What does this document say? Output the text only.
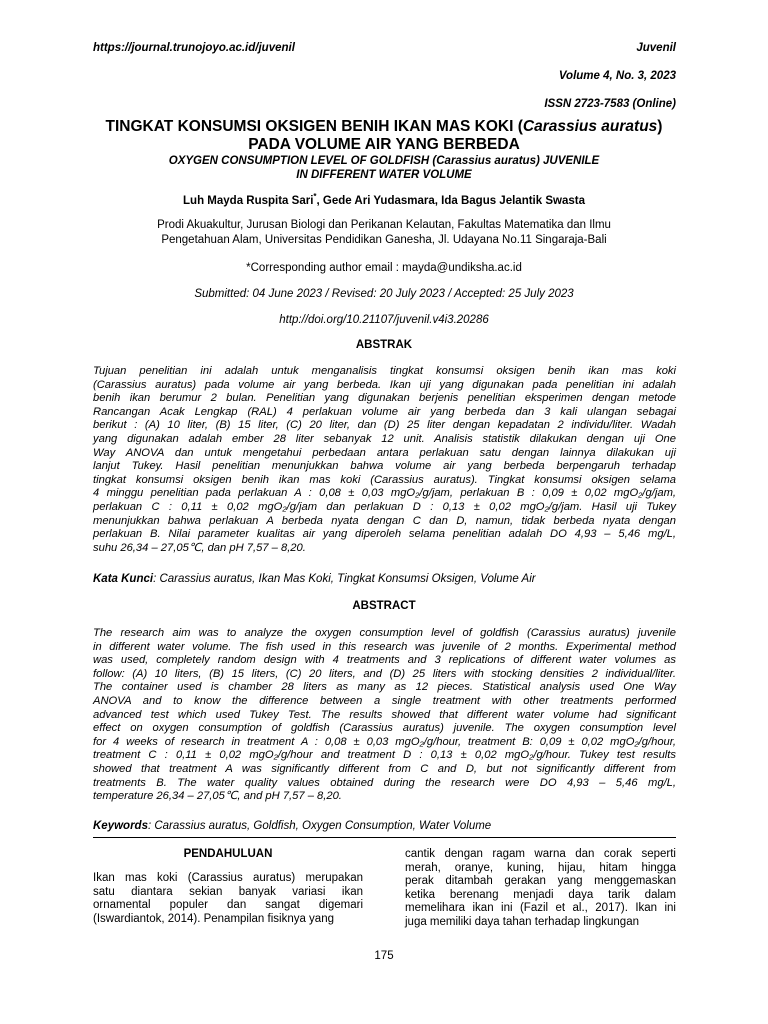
https://journal.trunojoyo.ac.id/juvenil	Juvenil
Volume 4, No. 3, 2023
ISSN 2723-7583 (Online)
TINGKAT KONSUMSI OKSIGEN BENIH IKAN MAS KOKI (Carassius auratus)
PADA VOLUME AIR YANG BERBEDA
OXYGEN CONSUMPTION LEVEL OF GOLDFISH (Carassius auratus) JUVENILE
IN DIFFERENT WATER VOLUME
Luh Mayda Ruspita Sari*, Gede Ari Yudasmara, Ida Bagus Jelantik Swasta
Prodi Akuakultur, Jurusan Biologi dan Perikanan Kelautan, Fakultas Matematika dan Ilmu
Pengetahuan Alam, Universitas Pendidikan Ganesha, Jl. Udayana No.11 Singaraja-Bali
*Corresponding author email : mayda@undiksha.ac.id
Submitted: 04 June 2023 / Revised: 20 July 2023 / Accepted: 25 July 2023
http://doi.org/10.21107/juvenil.v4i3.20286
ABSTRAK
Tujuan penelitian ini adalah untuk menganalisis tingkat konsumsi oksigen benih ikan mas koki
(Carassius auratus) pada volume air yang berbeda. Ikan uji yang digunakan pada penelitian ini adalah
benih ikan berumur 2 bulan. Penelitian yang digunakan berjenis penelitian eksperimen dengan metode
Rancangan Acak Lengkap (RAL) 4 perlakuan volume air yang berbeda dan 3 kali ulangan sebagai
berikut : (A) 10 liter, (B) 15 liter, (C) 20 liter, dan (D) 25 liter dengan kepadatan 2 individu/liter. Wadah
yang digunakan adalah ember 28 liter sebanyak 12 unit. Analisis statistik dilakukan dengan uji One
Way ANOVA dan untuk mengetahui perbedaan antara perlakuan satu dengan lainnya dilakukan uji
lanjut Tukey. Hasil penelitian menunjukkan bahwa volume air yang berbeda berpengaruh terhadap
tingkat konsumsi oksigen benih ikan mas koki (Carassius auratus). Tingkat konsumsi oksigen selama
4 minggu penelitian pada perlakuan A : 0,08 ± 0,03 mgO₂/g/jam, perlakuan B : 0,09 ± 0,02 mgO₂/g/jam,
perlakuan C : 0,11 ± 0,02 mgO₂/g/jam dan perlakuan D : 0,13 ± 0,02 mgO₂/g/jam. Hasil uji Tukey
menunjukkan bahwa perlakuan A berbeda nyata dengan C dan D, namun, tidak berbeda nyata dengan
perlakuan B. Nilai parameter kualitas air yang diperoleh selama penelitian adalah DO 4,93 – 5,46 mg/L,
suhu 26,34 – 27,05℃, dan pH 7,57 – 8,20.
Kata Kunci: Carassius auratus, Ikan Mas Koki, Tingkat Konsumsi Oksigen, Volume Air
ABSTRACT
The research aim was to analyze the oxygen consumption level of goldfish (Carassius auratus) juvenile
in different water volume. The fish used in this research was juvenile of 2 months. Experimental method
was used, completely random design with 4 treatments and 3 replications of different water volumes as
follow: (A) 10 liters, (B) 15 liters, (C) 20 liters, and (D) 25 liters with stocking densities 2 individual/liter.
The container used is chamber 28 liters as many as 12 pieces. Statistical analysis used One Way
ANOVA and to know the difference between a single treatment with other treatments performed
advanced test which used Tukey Test. The results showed that different water volume had significant
effect on oxygen consumption of goldfish (Carassius auratus) juvenile. The oxygen consumption level
for 4 weeks of research in treatment A : 0,08 ± 0,03 mgO₂/g/hour, treatment B: 0,09 ± 0,02 mgO₂/g/hour,
treatment C : 0,11 ± 0,02 mgO₂/g/hour and treatment D : 0,13 ± 0,02 mgO₂/g/hour. Tukey test results
showed that treatment A was significantly different from C and D, but not significantly different from
treatments B. The water quality values obtained during the research were DO 4,93 – 5,46 mg/L,
temperature 26,34 – 27,05℃, and pH 7,57 – 8,20.
Keywords: Carassius auratus, Goldfish, Oxygen Consumption, Water Volume
PENDAHULUAN
Ikan mas koki (Carassius auratus) merupakan
satu diantara sekian banyak variasi ikan
ornamental populer dan sangat digemari
(Iswardiantok, 2014). Penampilan fisiknya yang
cantik dengan ragam warna dan corak seperti
merah, oranye, kuning, hijau, hitam hingga
perak ditambah gerakan yang menggemaskan
ketika berenang menjadi daya tarik dalam
memelihara ikan ini (Fazil et al., 2017). Ikan ini
juga memiliki daya tahan terhadap lingkungan
175
